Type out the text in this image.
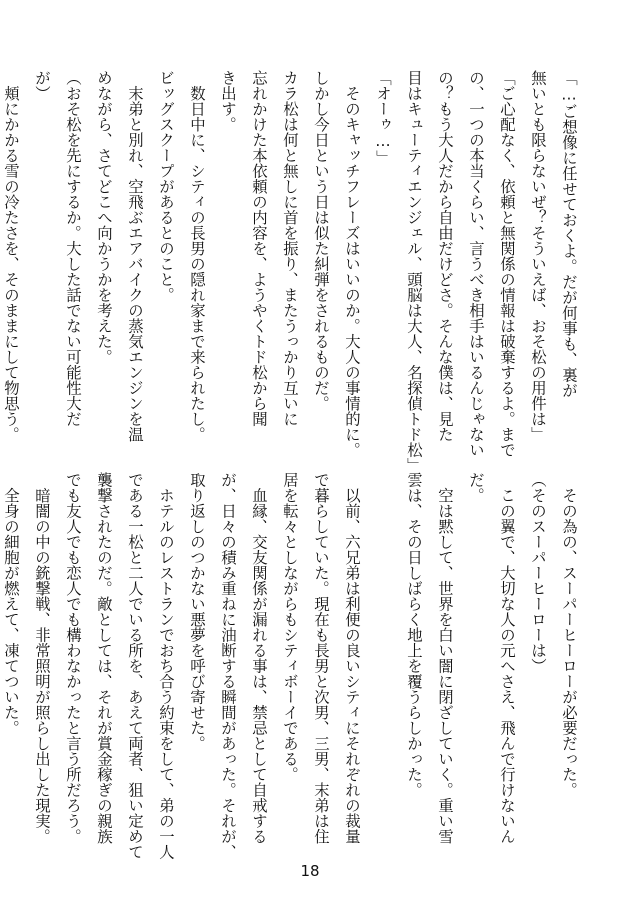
「…ご想像に任せておくよ。だが何事も、裏が
無いとも限らないぜ？そういえば、おそ松の用件は」
「ご心配なく、依頼と無関係の情報は破棄するよ。まで
の、一つの本当くらい、言うべき相手はいるんじゃない
の？もう大人だから自由だけどさ。そんな僕は、見た
目はキューティエンジェル、頭脳は大人、名探偵トド松」
「オーゥ…」
　そのキャッチフレーズはいいのか。大人の事情的に。
しかし今日という日は似た糾弾をされるものだ。
カラ松は何と無しに首を振り、またうっかり互いに
忘れかけた本依頼の内容を、ようやくトド松から聞
き出す。
　数日中に、シティの長男の隠れ家まで来られたし。
ビッグスクープがあるとのこと。
　末弟と別れ、空飛ぶエアバイクの蒸気エンジンを温
めながら、さてどこへ向かうかを考えた。
（おそ松を先にするか。大した話でない可能性大だ
が）
　頬にかかる雪の冷たさを、そのままにして物思う。
　その為の、スーパーヒーローが必要だった。
（そのスーパーヒーローは）
　この翼で、大切な人の元へさえ、飛んで行けないん
だ。
　空は黙して、世界を白い闇に閉ざしていく。重い雪
雲は、その日しばらく地上を覆うらしかった。
　以前、六兄弟は利便の良いシティにそれぞれの裁量
で暮らしていた。現在も長男と次男、三男、末弟は住
居を転々としながらもシティボーイである。
　血縁、交友関係が漏れる事は、禁忌として自戒する
が、日々の積み重ねに油断する瞬間があった。それが、
取り返しのつかない悪夢を呼び寄せた。
　ホテルのレストランでおち合う約束をして、弟の一人
である一松と二人でいる所を、あえて両者、狙い定めて
襲撃されたのだ。敵としては、それが賞金稼ぎの親族
でも友人でも恋人でも構わなかったと言う所だろう。
　暗闇の中の銃撃戦、非常照明が照らし出した現実。
　全身の細胞が燃えて、凍てついた。
18
